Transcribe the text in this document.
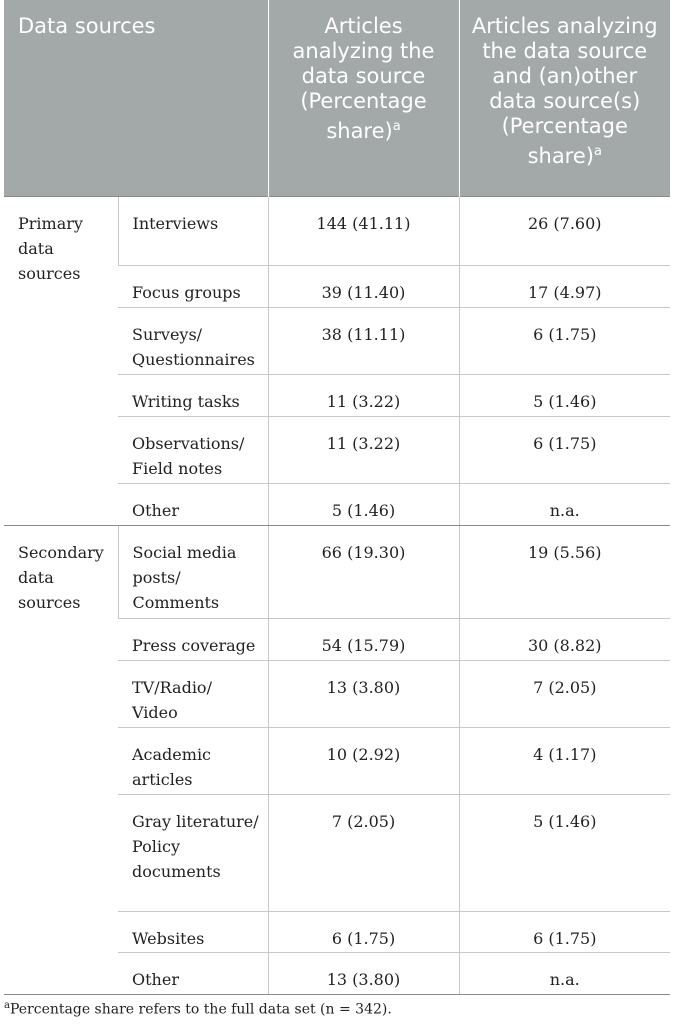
Data sources		Articles analyzing the data source (Percentage share)$^a$	Articles analyzing the data source and (an)other data source(s) (Percentage share)$^a$
Primary data sources	Interviews	144 (41.11)	26 (7.60)
	Focus groups	39 (11.40)	17 (4.97)
	Surveys/ Questionnaires	38 (11.11)	6 (1.75)
	Writing tasks	11 (3.22)	5 (1.46)
	Observations/ Field notes	11 (3.22)	6 (1.75)
	Other	5 (1.46)	n.a.
Secondary data sources	Social media posts/ Comments	66 (19.30)	19 (5.56)
	Press coverage	54 (15.79)	30 (8.82)
	TV/Radio/ Video	13 (3.80)	7 (2.05)
	Academic articles	10 (2.92)	4 (1.17)
	Gray literature/ Policy documents	7 (2.05)	5 (1.46)
	Websites	6 (1.75)	6 (1.75)
	Other	13 (3.80)	n.a.
$^a$Percentage share refers to the full data set (n = 342).
